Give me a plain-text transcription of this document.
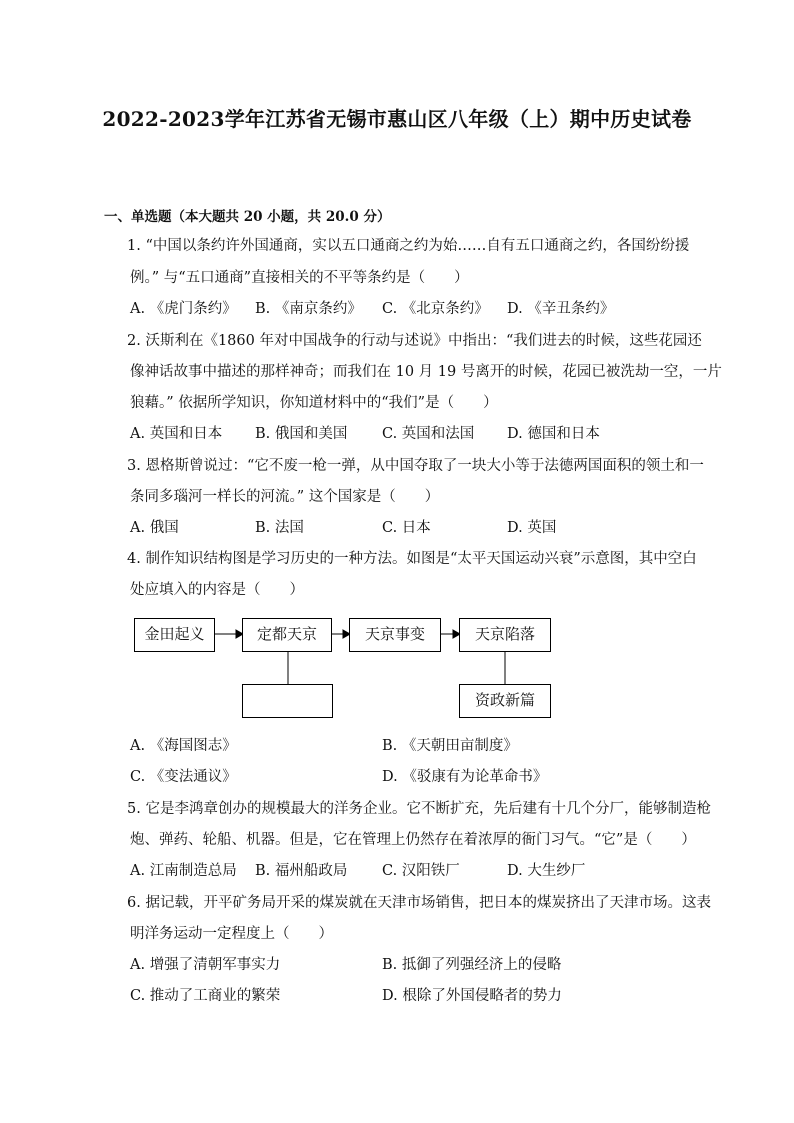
2022-2023学年江苏省无锡市惠山区八年级（上）期中历史试卷
一、单选题（本大题共 20 小题，共 20.0 分）
1. “中国以条约许外国通商，实以五口通商之约为始……自有五口通商之约，各国纷纷援
例。” 与“五口通商”直接相关的不平等条约是（　　）
A. 《虎门条约》 B. 《南京条约》 C. 《北京条约》 D. 《辛丑条约》
2. 沃斯利在《1860 年对中国战争的行动与述说》中指出：“我们进去的时候，这些花园还
像神话故事中描述的那样神奇；而我们在 10 月 19 号离开的时候，花园已被洗劫一空，一片
狼藉。” 依据所学知识，你知道材料中的“我们”是（　　）
A. 英国和日本 B. 俄国和美国 C. 英国和法国 D. 德国和日本
3. 恩格斯曾说过：“它不废一枪一弹，从中国夺取了一块大小等于法德两国面积的领土和一
条同多瑙河一样长的河流。” 这个国家是（　　）
A. 俄国	B. 法国	C. 日本	D. 英国
4. 制作知识结构图是学习历史的一种方法。如图是“太平天国运动兴衰”示意图，其中空白
处应填入的内容是（　　）
金田起义	定都天京	天京事变	天京陷落
资政新篇
A. 《海国图志》	B. 《天朝田亩制度》
C. 《变法通议》	D. 《驳康有为论革命书》
5. 它是李鸿章创办的规模最大的洋务企业。它不断扩充，先后建有十几个分厂，能够制造枪
炮、弹药、轮船、机器。但是，它在管理上仍然存在着浓厚的衙门习气。“它”是（　　）
A. 江南制造总局 B. 福州船政局 C. 汉阳铁厂	D. 大生纱厂
6. 据记载，开平矿务局开采的煤炭就在天津市场销售，把日本的煤炭挤出了天津市场。这表
明洋务运动一定程度上（　　）
A. 增强了清朝军事实力	B. 抵御了列强经济上的侵略
C. 推动了工商业的繁荣	D. 根除了外国侵略者的势力
